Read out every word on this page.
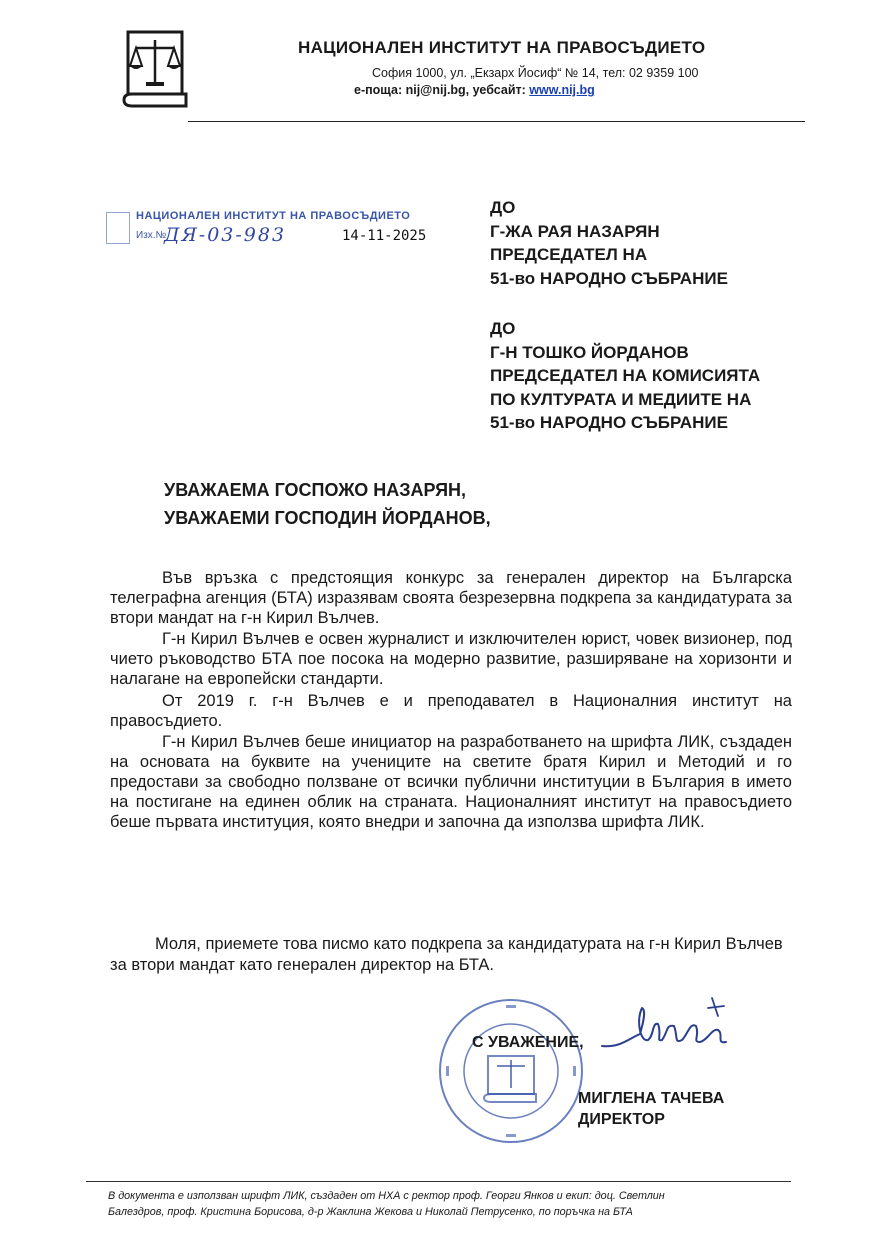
НАЦИОНАЛЕН ИНСТИТУТ НА ПРАВОСЪДИЕТО
София 1000, ул. „Екзарх Йосиф“ № 14, тел: 02 9359 100
е-поща: nij@nij.bg, уебсайт: www.nij.bg
НАЦИОНАЛЕН ИНСТИТУТ НА ПРАВОСЪДИЕТО
Изх.№
ДЯ-03-983	14-11-2025
ДО
Г-ЖА РАЯ НАЗАРЯН
ПРЕДСЕДАТЕЛ НА
51-во НАРОДНО СЪБРАНИЕ
ДО
Г-Н ТОШКО ЙОРДАНОВ
ПРЕДСЕДАТЕЛ НА КОМИСИЯТА
ПО КУЛТУРАТА И МЕДИИТЕ НА
51-во НАРОДНО СЪБРАНИЕ
УВАЖАЕМА ГОСПОЖО НАЗАРЯН,
УВАЖАЕМИ ГОСПОДИН ЙОРДАНОВ,

Във връзка с предстоящия конкурс за генерален директор на Българска телеграфна агенция (БТА) изразявам своята безрезервна подкрепа за кандидатурата за втори мандат на г-н Кирил Вълчев.

Г-н Кирил Вълчев е освен журналист и изключителен юрист, човек визионер, под чието ръководство БТА пое посока на модерно развитие, разширяване на хоризонти и налагане на европейски стандарти.

От 2019 г. г-н Вълчев е и преподавател в Националния институт на правосъдието.

Г-н Кирил Вълчев беше инициатор на разработването на шрифта ЛИК, създаден на основата на буквите на учениците на светите братя Кирил и Методий и го предостави за свободно ползване от всички публични институции в България в името на постигане на единен облик на страната. Националният институт на правосъдието беше първата институция, която внедри и започна да използва шрифта ЛИК.

Моля, приемете това писмо като подкрепа за кандидатурата на г-н Кирил Вълчев за втори мандат като генерален директор на БТА.

С УВАЖЕНИЕ,
МИГЛЕНА ТАЧЕВА
ДИРЕКТОР
В документа е използван шрифт ЛИК, създаден от НХА с ректор проф. Георги Янков и екип: доц. Светлин
Балездров, проф. Кристина Борисова, д-р Жаклина Жекова и Николай Петрусенко, по поръчка на БТА
